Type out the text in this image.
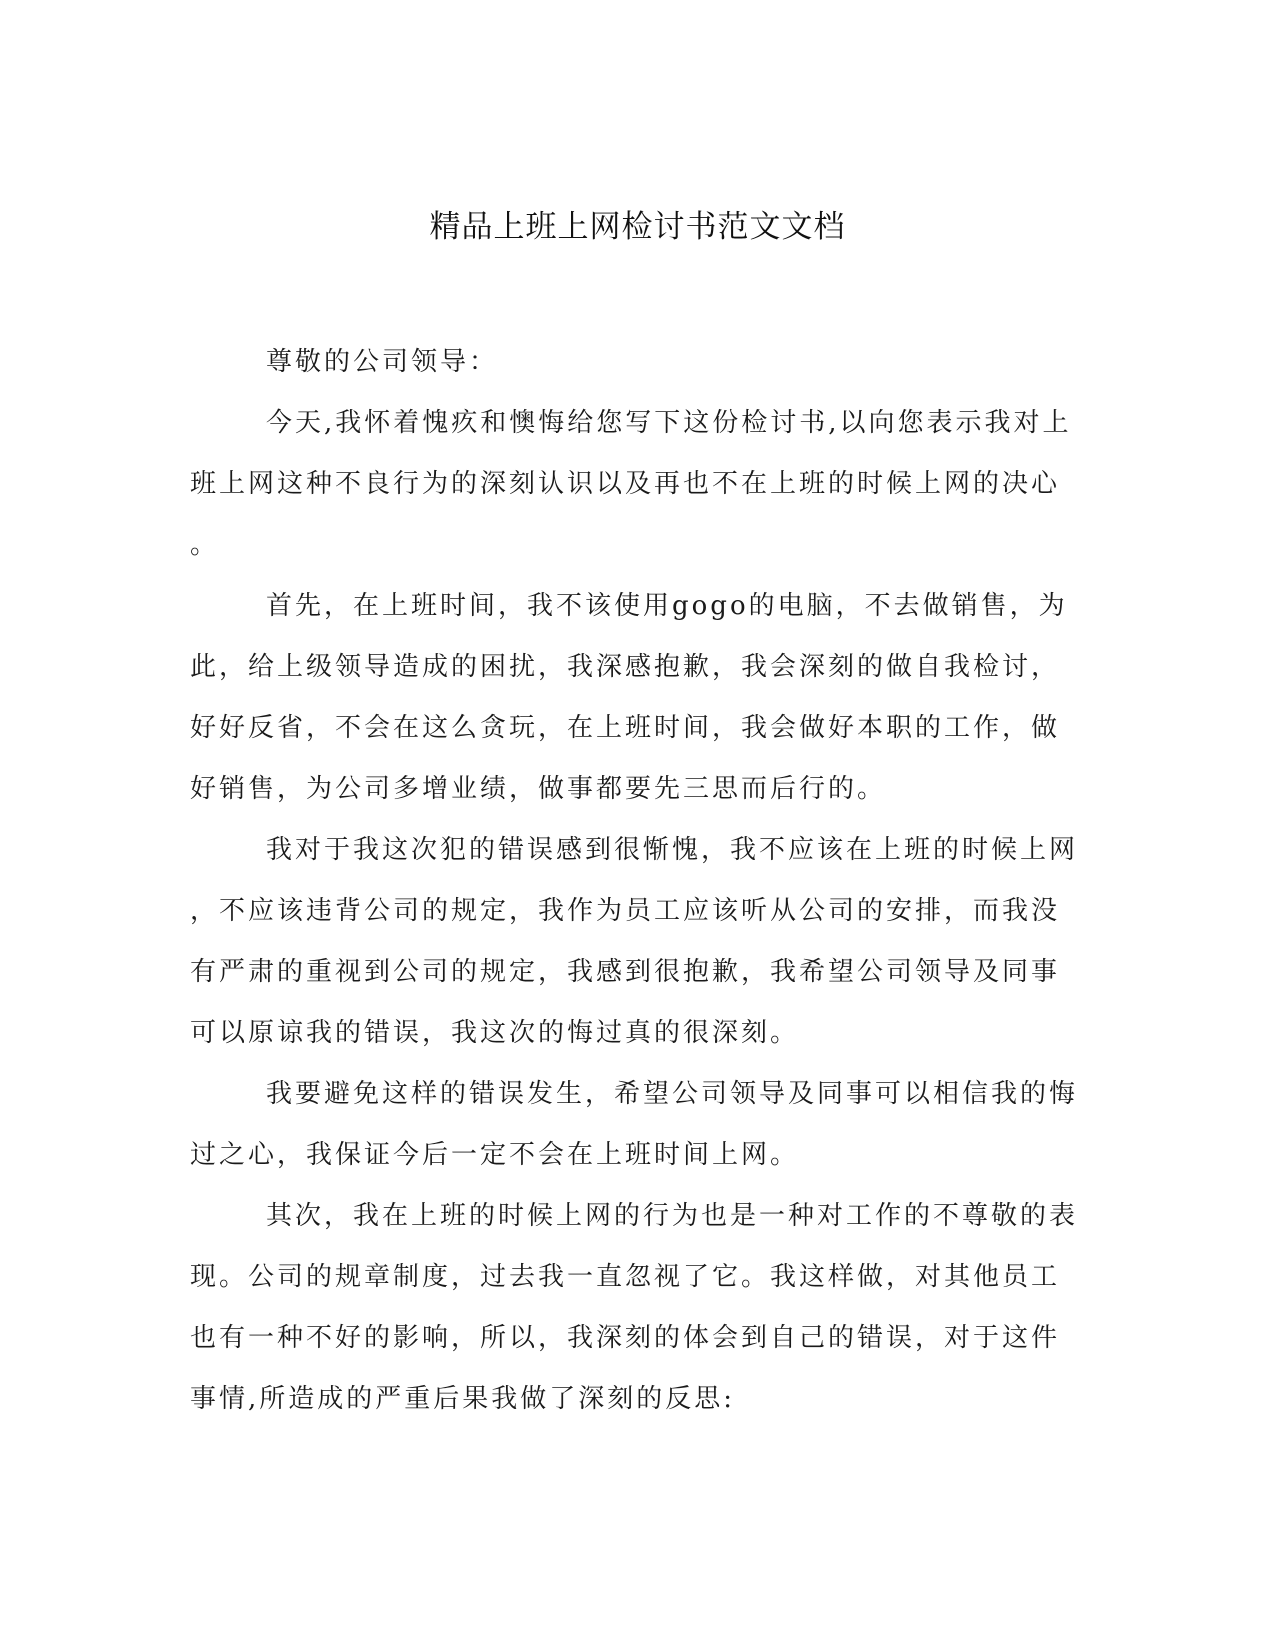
精品上班上网检讨书范文文档
尊敬的公司领导：
今天,我怀着愧疚和懊悔给您写下这份检讨书,以向您表示我对上
班上网这种不良行为的深刻认识以及再也不在上班的时候上网的决心
。
首先，在上班时间，我不该使用gogo的电脑，不去做销售，为
此，给上级领导造成的困扰，我深感抱歉，我会深刻的做自我检讨，
好好反省，不会在这么贪玩，在上班时间，我会做好本职的工作，做
好销售，为公司多增业绩，做事都要先三思而后行的。
我对于我这次犯的错误感到很惭愧，我不应该在上班的时候上网
，不应该违背公司的规定，我作为员工应该听从公司的安排，而我没
有严肃的重视到公司的规定，我感到很抱歉，我希望公司领导及同事
可以原谅我的错误，我这次的悔过真的很深刻。
我要避免这样的错误发生，希望公司领导及同事可以相信我的悔
过之心，我保证今后一定不会在上班时间上网。
其次，我在上班的时候上网的行为也是一种对工作的不尊敬的表
现。公司的规章制度，过去我一直忽视了它。我这样做，对其他员工
也有一种不好的影响，所以，我深刻的体会到自己的错误，对于这件
事情,所造成的严重后果我做了深刻的反思:
